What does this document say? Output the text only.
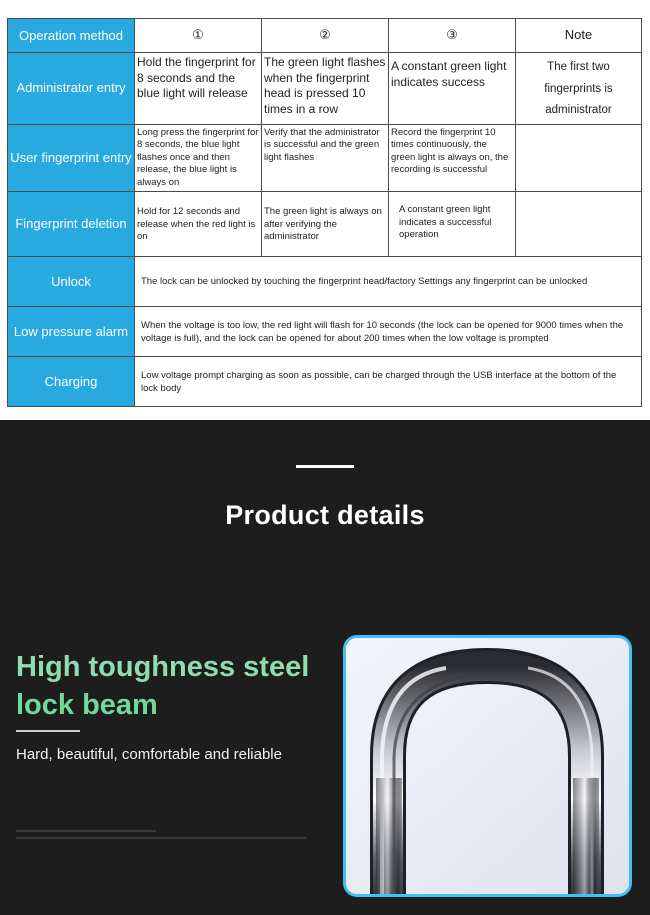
Operation method	①	②	③	Note
Administrator entry	Hold the fingerprint for 8 seconds and the blue light will release	The green light flashes when the fingerprint head is pressed 10 times in a row	A constant green light indicates success	The first two fingerprints is administrator
User fingerprint entry	Long press the fingerprint for 8 seconds, the blue light flashes once and then release, the blue light is always on	Verify that the administrator is successful and the green light flashes	Record the fingerprint 10 times continuously, the green light is always on, the recording is successful	
Fingerprint deletion	Hold for 12 seconds and release when the red light is on	The green light is always on after verifying the administrator	A constant green light indicates a successful operation	
Unlock	The lock can be unlocked by touching the fingerprint head/factory Settings any fingerprint can be unlocked			
Low pressure alarm	When the voltage is too low, the red light will flash for 10 seconds (the lock can be opened for 9000 times when the voltage is full), and the lock can be opened for about 200 times when the low voltage is prompted			
Charging	Low voltage prompt charging as soon as possible, can be charged through the USB interface at the bottom of the lock body			
Product details
High toughness steel
lock beam
Hard, beautiful, comfortable and reliable
